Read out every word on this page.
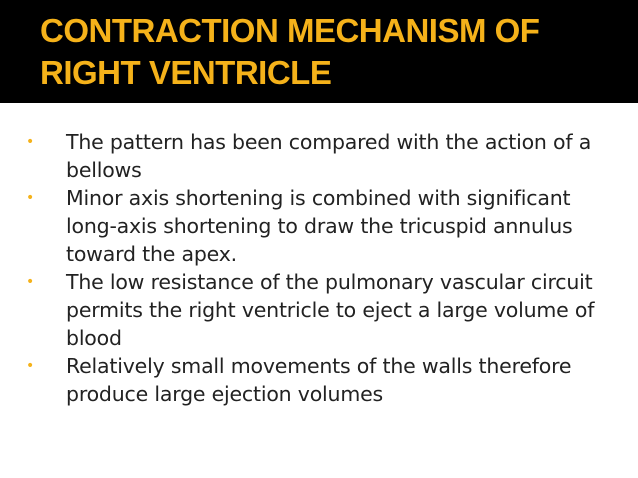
CONTRACTION MECHANISM OF RIGHT VENTRICLE
• The pattern has been compared with the action of a bellows
• Minor axis shortening is combined with significant long-axis shortening to draw the tricuspid annulus toward the apex.
• The low resistance of the pulmonary vascular circuit permits the right ventricle to eject a large volume of blood
• Relatively small movements of the walls therefore produce large ejection volumes
